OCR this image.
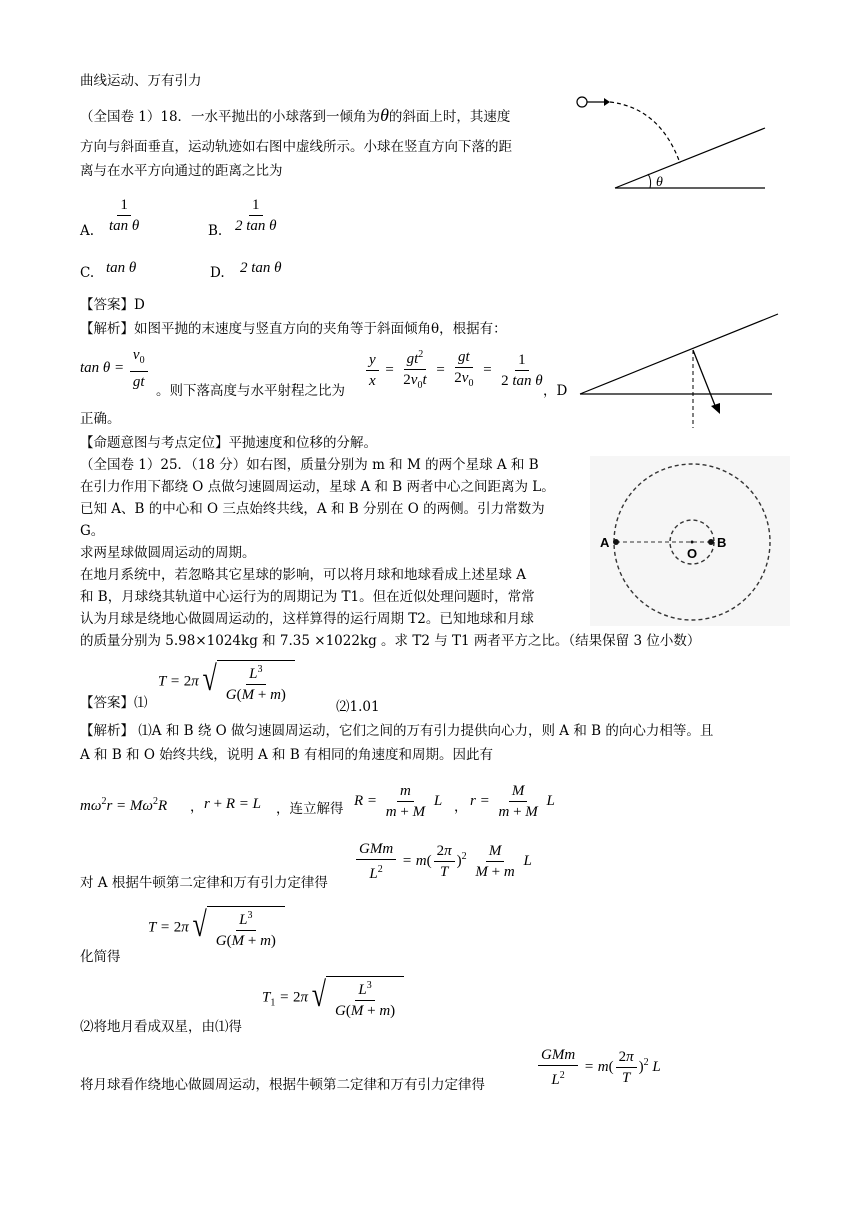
曲线运动、万有引力
（全国卷 1）18．一水平抛出的小球落到一倾角为θ的斜面上时，其速度
方向与斜面垂直，运动轨迹如右图中虚线所示。小球在竖直方向下落的距
离与在水平方向通过的距离之比为
θ
A. $\frac{1}{\text{tan θ}}$	B. $\frac{1}{\text{2 tan θ}}$
C. tan θ	D. 2 tan θ
【答案】D
【解析】如图平抛的末速度与竖直方向的夹角等于斜面倾角θ，根据有：
$\tan \theta = \frac{v_0}{gt}$ 。则下落高度与水平射程之比为
$\frac{y}{x} = \frac{gt^2}{2v_0t} = \frac{gt}{2v_0} = \frac{1}{\text{2 tan θ}}$
，D
正确。
【命题意图与考点定位】平抛速度和位移的分解。
（全国卷 1）25．（18 分）如右图，质量分别为 m 和 M 的两个星球 A 和 B
在引力作用下都绕 O 点做匀速圆周运动，星球 A 和 B 两者中心之间距离为 L。
已知 A、B 的中心和 O 三点始终共线，A 和 B 分别在 O 的两侧。引力常数为
G。
求两星球做圆周运动的周期。
在地月系统中，若忽略其它星球的影响，可以将月球和地球看成上述星球 A
和 B，月球绕其轨道中心运行为的周期记为 T1。但在近似处理问题时，常常
认为月球是绕地心做圆周运动的，这样算得的运行周期 T2。已知地球和月球
的质量分别为 5.98×1024kg 和 7.35 ×1022kg 。求 T2 与 T1 两者平方之比。（结果保留 3 位小数）
A
O
B
【答案】⑴
T = 2π √ $\frac{L^3}{G(M + m)}$
⑵1.01
【解析】 ⑴A 和 B 绕 O 做匀速圆周运动，它们之间的万有引力提供向心力，则 A 和 B 的向心力相等。且
A 和 B 和 O 始终共线，说明 A 和 B 有相同的角速度和周期。因此有
$m\omega^2r = M\omega^2R$ ， r + R = L ，连立解得
$R = \frac{m}{m + M}$ L ， $r = \frac{M}{m + M}$ L
$\frac{\text{GMm}}{L^2} = m( \frac{2\pi}{T} )^2 \frac{M}{M + m}$ L
对 A 根据牛顿第二定律和万有引力定律得
T = 2π √ $\frac{L^3}{G(M + m)}$
化简得
$T_1 = 2\pi$ √ $\frac{L^3}{G(M + m)}$
⑵将地月看成双星，由⑴得
$\frac{\text{GMm}}{L^2} = m( \frac{2\pi}{T} )^2$ L
将月球看作绕地心做圆周运动，根据牛顿第二定律和万有引力定律得
